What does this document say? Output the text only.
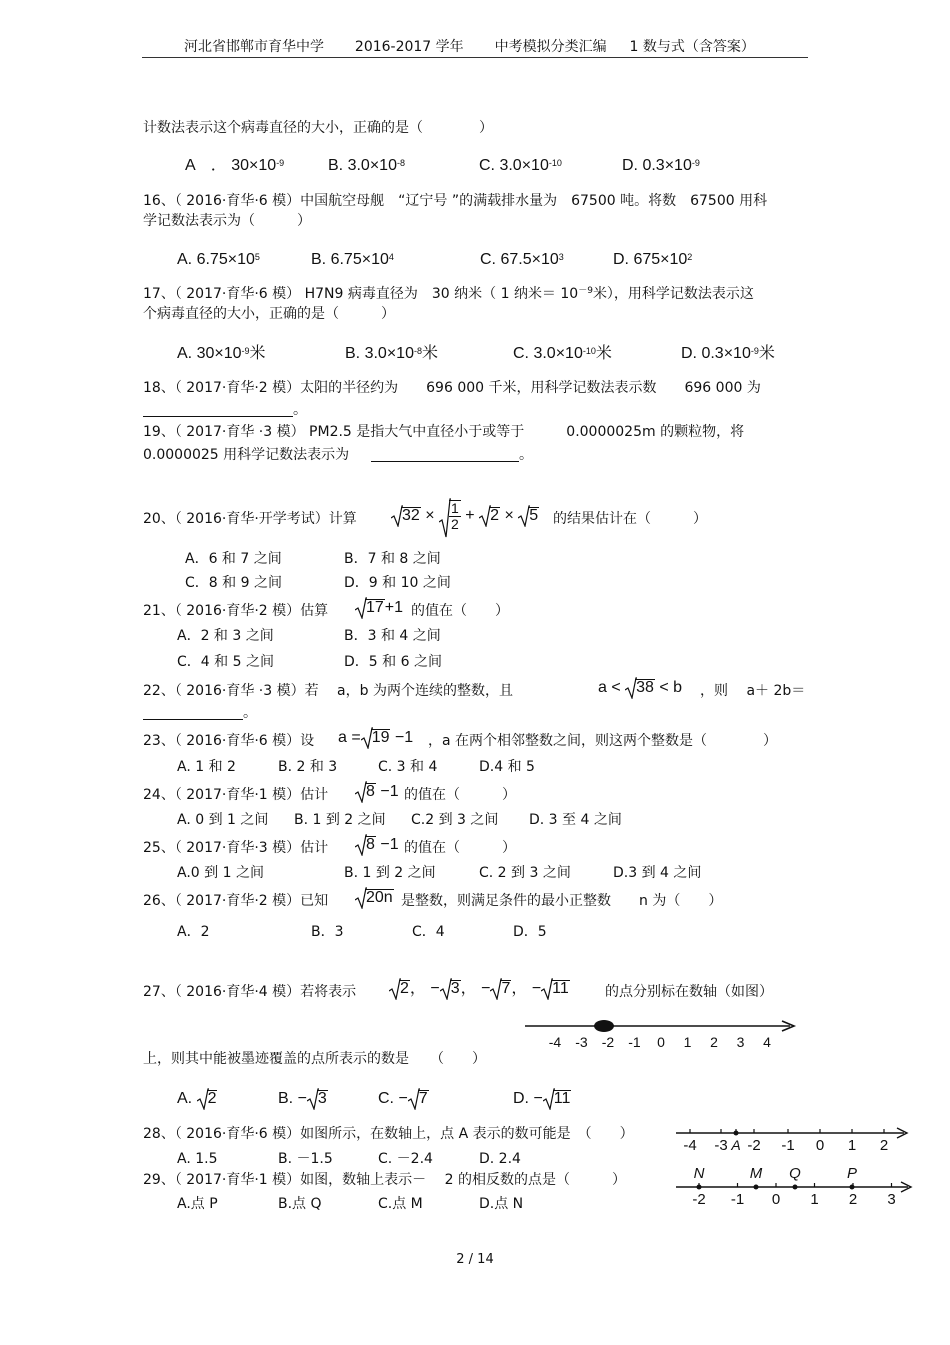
河北省邯郸市育华中学 2016-2017 学年 中考模拟分类汇编 1 数与式（含答案）
计数法表示这个病毒直径的大小，正确的是（　　　　）
A　． $30\times 10^{-9}$	B. $3.0\times 10^{-8}$	C. $3.0\times 10^{-10}$	D. $0.3\times 10^{-9}$
16、（ 2016·育华·6 模）中国航空母舰　“辽宁号 ”的满载排水量为　67500 吨。将数　67500 用科
学记数法表示为（　　　）
A. $6.75\times 10^5$	B. $6.75\times 10^4$	C. $67.5\times 10^3$	D. $675\times 10^2$
17、（ 2017·育华·6 模） H7N9 病毒直径为　30 纳米（ 1 纳米＝ $10^{-9}$米），用科学记数法表示这
个病毒直径的大小，正确的是（　　　）
A. $30\times 10^{-9}$米	B. $3.0\times 10^{-8}$米	C. $3.0\times 10^{-10}$米	D. $0.3\times 10^{-9}$米
18、（ 2017·育华·2 模）太阳的半径约为　　696 000 千米，用科学记数法表示数　　696 000 为
。
19、（ 2017·育华 ·3 模） PM2.5 是指大气中直径小于或等于　　　0.0000025m 的颗粒物，将
0.0000025 用科学记数法表示为	。
20、（ 2016·育华·开学考试）计算	$32 \times \frac{1}{2} + 2 \times 5$ 的结果估计在（　　　）
A．6 和 7 之间	B．7 和 8 之间
C．8 和 9 之间	D．9 和 10 之间
21、（ 2016·育华·2 模）估算	17+1 的值在（　　）
A．2 和 3 之间	B．3 和 4 之间
C．4 和 5 之间	D．5 和 6 之间
22、（ 2016·育华 ·3 模）若　 a，b 为两个连续的整数，且	a < 38 < b ，则　 a＋ 2b＝
。
23、（ 2016·育华·6 模）设 a = 19 −1 ，a 在两个相邻整数之间，则这两个整数是（　　　　）
A. 1 和 2	B. 2 和 3	C. 3 和 4	D.4 和 5
24、（ 2017·育华·1 模）估计	8 −1 的值在（　　　）
A. 0 到 1 之间 B. 1 到 2 之间 C.2 到 3 之间 D. 3 至 4 之间
25、（ 2017·育华·3 模）估计	8 −1 的值在（　　　）
A.0 到 1 之间	B. 1 到 2 之间	C. 2 到 3 之间	D.3 到 4 之间
26、（ 2017·育华·2 模）已知	20n 是整数，则满足条件的最小正整数　　n 为（　　）
A．2	B．3	C．4	D．5
27、（ 2016·育华·4 模）若将表示	2， − 3， − 7， − 11	的点分别标在数轴（如图）
-4 -3 -2 -1 0 1 2 3 4
上，则其中能被墨迹覆盖的点所表示的数是　　（　　）
A. 2	B. − 3	C. − 7	D. − 11
28、（ 2016·育华·6 模）如图所示，在数轴上，点 A 表示的数可能是　（　　）
A. 1.5	B. －1.5	C. －2.4	D. 2.4
-4 -3 A -2 -1 0 1 2
29、（ 2017·育华·1 模）如图，数轴上表示－　 2 的相反数的点是（　　　）
A.点 P	B.点 Q	C.点 M	D.点 N	-2 -1 0 1 2 3
N	M Q	P
2 / 14
